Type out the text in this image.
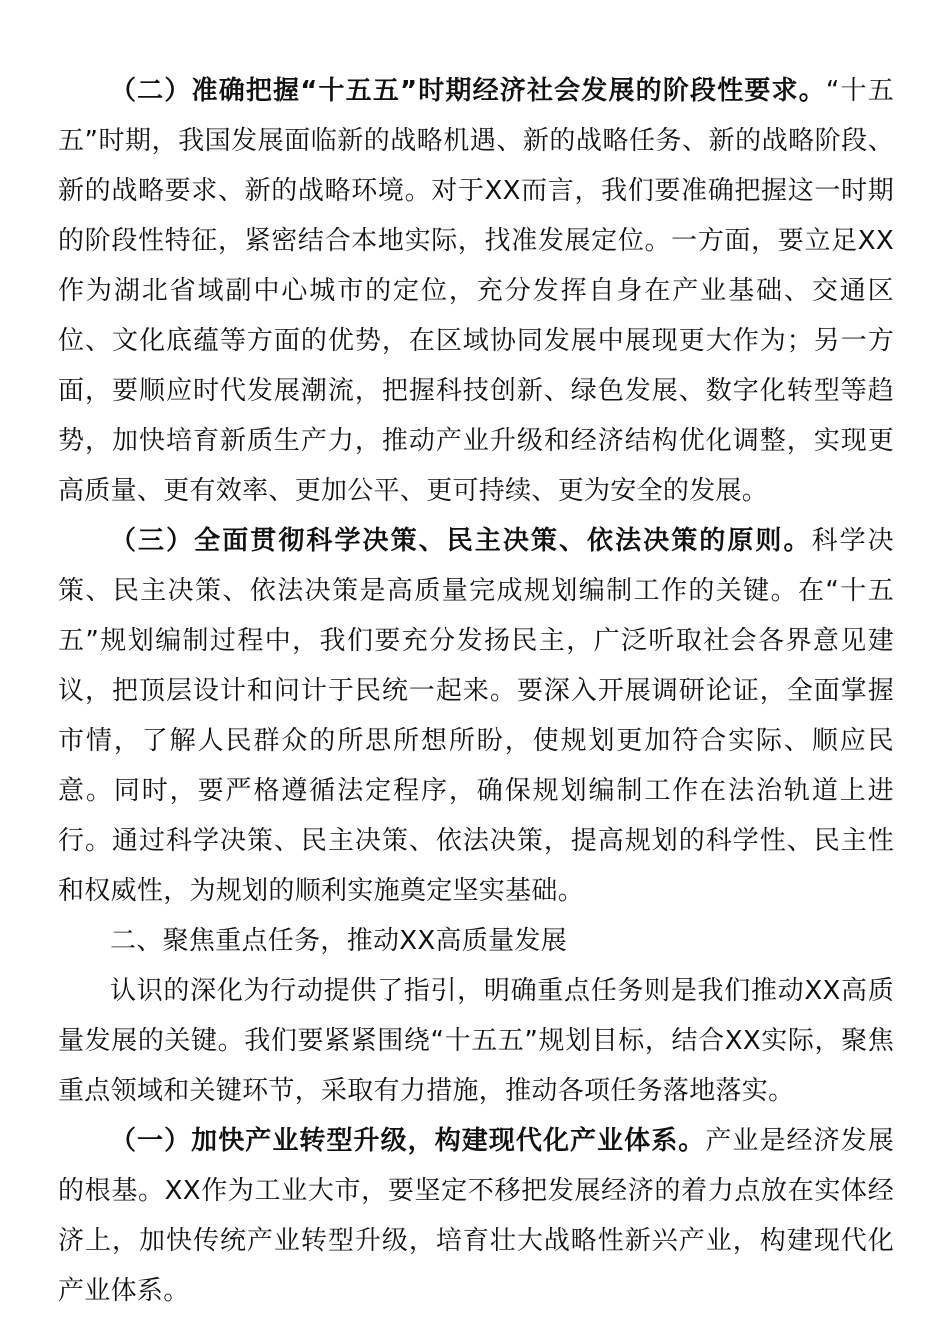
（二）准确把握“十五五”时期经济社会发展的阶段性要求。“十五五”时期，我国发展面临新的战略机遇、新的战略任务、新的战略阶段、新的战略要求、新的战略环境。对于XX而言，我们要准确把握这一时期的阶段性特征，紧密结合本地实际，找准发展定位。一方面，要立足XX作为湖北省域副中心城市的定位，充分发挥自身在产业基础、交通区位、文化底蕴等方面的优势，在区域协同发展中展现更大作为；另一方面，要顺应时代发展潮流，把握科技创新、绿色发展、数字化转型等趋势，加快培育新质生产力，推动产业升级和经济结构优化调整，实现更高质量、更有效率、更加公平、更可持续、更为安全的发展。

（三）全面贯彻科学决策、民主决策、依法决策的原则。科学决策、民主决策、依法决策是高质量完成规划编制工作的关键。在“十五五”规划编制过程中，我们要充分发扬民主，广泛听取社会各界意见建议，把顶层设计和问计于民统一起来。要深入开展调研论证，全面掌握市情，了解人民群众的所思所想所盼，使规划更加符合实际、顺应民意。同时，要严格遵循法定程序，确保规划编制工作在法治轨道上进行。通过科学决策、民主决策、依法决策，提高规划的科学性、民主性和权威性，为规划的顺利实施奠定坚实基础。

二、聚焦重点任务，推动XX高质量发展

认识的深化为行动提供了指引，明确重点任务则是我们推动XX高质量发展的关键。我们要紧紧围绕“十五五”规划目标，结合XX实际，聚焦重点领域和关键环节，采取有力措施，推动各项任务落地落实。

（一）加快产业转型升级，构建现代化产业体系。产业是经济发展的根基。XX作为工业大市，要坚定不移把发展经济的着力点放在实体经济上，加快传统产业转型升级，培育壮大战略性新兴产业，构建现代化产业体系。
